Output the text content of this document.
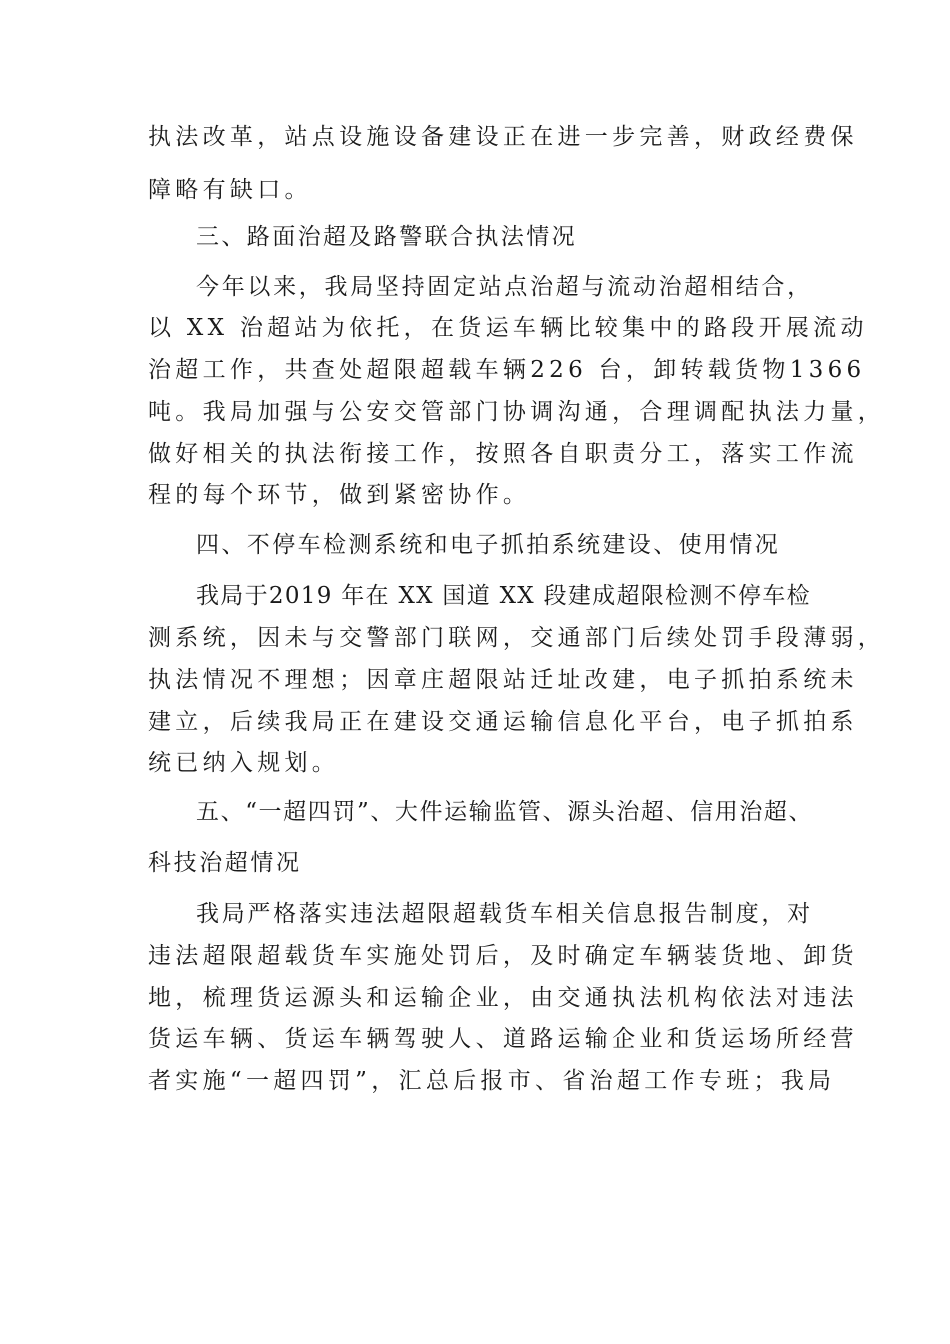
执法改革，站点设施设备建设正在进一步完善，财政经费保
障略有缺口。
三、路面治超及路警联合执法情况
今年以来，我局坚持固定站点治超与流动治超相结合，
以 XX 治超站为依托，在货运车辆比较集中的路段开展流动
治超工作，共查处超限超载车辆226 台，卸转载货物1366
吨。我局加强与公安交管部门协调沟通，合理调配执法力量，
做好相关的执法衔接工作，按照各自职责分工，落实工作流
程的每个环节，做到紧密协作。
四、不停车检测系统和电子抓拍系统建设、使用情况
我局于2019 年在 XX 国道 XX 段建成超限检测不停车检
测系统，因未与交警部门联网，交通部门后续处罚手段薄弱，
执法情况不理想；因章庄超限站迁址改建，电子抓拍系统未
建立，后续我局正在建设交通运输信息化平台，电子抓拍系
统已纳入规划。
五、“一超四罚”、大件运输监管、源头治超、信用治超、
科技治超情况
我局严格落实违法超限超载货车相关信息报告制度，对
违法超限超载货车实施处罚后，及时确定车辆装货地、卸货
地，梳理货运源头和运输企业，由交通执法机构依法对违法
货运车辆、货运车辆驾驶人、道路运输企业和货运场所经营
者实施“一超四罚”，汇总后报市、省治超工作专班；我局
